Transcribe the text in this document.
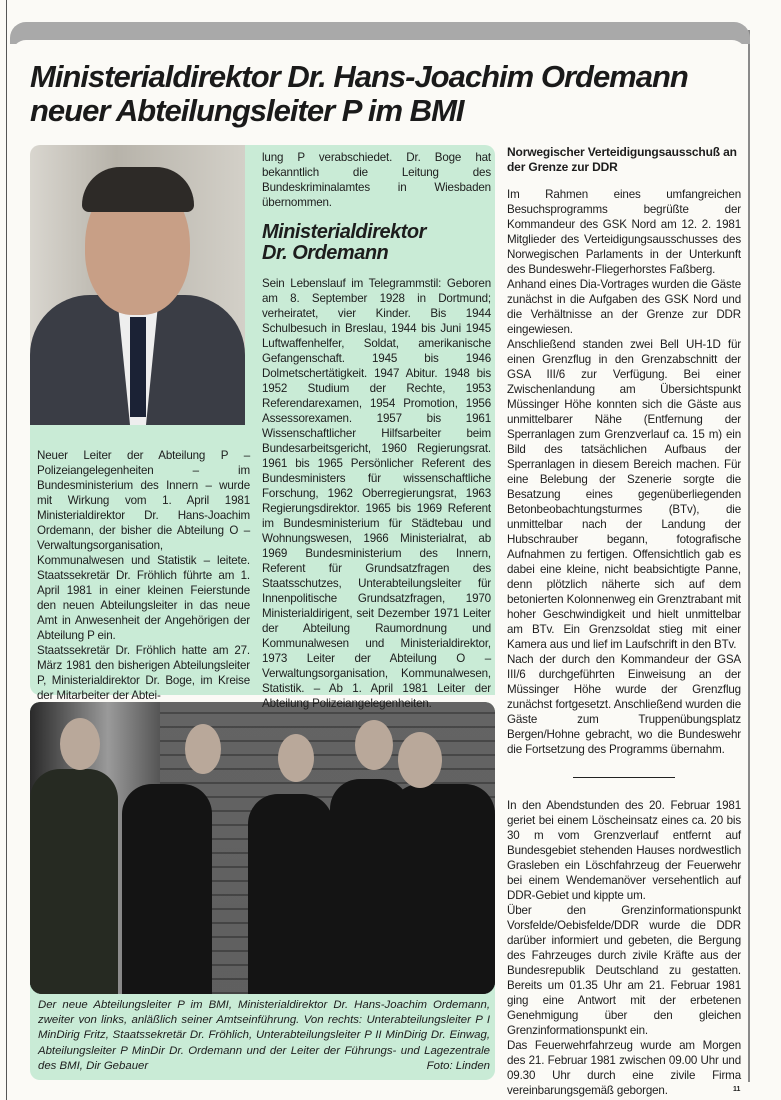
Ministerialdirektor Dr. Hans-Joachim Ordemann
neuer Abteilungsleiter P im BMI

Neuer Leiter der Abteilung P – Polizeiangelegenheiten – im Bundesministerium des Innern – wurde mit Wirkung vom 1. April 1981 Ministerialdirektor Dr. Hans-Joachim Ordemann, der bisher die Abteilung O – Verwaltungsorganisation, Kommunalwesen und Statistik – leitete. Staatssekretär Dr. Fröhlich führte am 1. April 1981 in einer kleinen Feierstunde den neuen Abteilungsleiter in das neue Amt in Anwesenheit der Angehörigen der Abteilung P ein.

Staatssekretär Dr. Fröhlich hatte am 27. März 1981 den bisherigen Abteilungsleiter P, Ministerialdirektor Dr. Boge, im Kreise der Mitarbeiter der Abtei-

lung P verabschiedet. Dr. Boge hat bekanntlich die Leitung des Bundeskriminalamtes in Wiesbaden übernommen.

Ministerialdirektor
Dr. Ordemann

Sein Lebenslauf im Telegrammstil: Geboren am 8. September 1928 in Dortmund; verheiratet, vier Kinder. Bis 1944 Schulbesuch in Breslau, 1944 bis Juni 1945 Luftwaffenhelfer, Soldat, amerikanische Gefangenschaft. 1945 bis 1946 Dolmetschertätigkeit. 1947 Abitur. 1948 bis 1952 Studium der Rechte, 1953 Referendarexamen, 1954 Promotion, 1956 Assessorexamen. 1957 bis 1961 Wissenschaftlicher Hilfsarbeiter beim Bundesarbeitsgericht, 1960 Regierungsrat. 1961 bis 1965 Persönlicher Referent des Bundesministers für wissenschaftliche Forschung, 1962 Oberregierungsrat, 1963 Regierungsdirektor. 1965 bis 1969 Referent im Bundesministerium für Städtebau und Wohnungswesen, 1966 Ministerialrat, ab 1969 Bundesministerium des Innern, Referent für Grundsatzfragen des Staatsschutzes, Unterabteilungsleiter für Innenpolitische Grundsatzfragen, 1970 Ministerialdirigent, seit Dezember 1971 Leiter der Abteilung Raumordnung und Kommunalwesen und Ministerialdirektor, 1973 Leiter der Abteilung O – Verwaltungsorganisation, Kommunalwesen, Statistik. – Ab 1. April 1981 Leiter der Abteilung Polizeiangelegenheiten.

Norwegischer Verteidigungsausschuß an der Grenze zur DDR

Im Rahmen eines umfangreichen Besuchsprogramms begrüßte der Kommandeur des GSK Nord am 12. 2. 1981 Mitglieder des Verteidigungsausschusses des Norwegischen Parlaments in der Unterkunft des Bundeswehr-Fliegerhorstes Faßberg.

Anhand eines Dia-Vortrages wurden die Gäste zunächst in die Aufgaben des GSK Nord und die Verhältnisse an der Grenze zur DDR eingewiesen.

Anschließend standen zwei Bell UH-1D für einen Grenzflug in den Grenzabschnitt der GSA III/6 zur Verfügung. Bei einer Zwischenlandung am Übersichtspunkt Müssinger Höhe konnten sich die Gäste aus unmittelbarer Nähe (Entfernung der Sperranlagen zum Grenzverlauf ca. 15 m) ein Bild des tatsächlichen Aufbaus der Sperranlagen in diesem Bereich machen. Für eine Belebung der Szenerie sorgte die Besatzung eines gegenüberliegenden Betonbeobachtungsturmes (BTv), die unmittelbar nach der Landung der Hubschrauber begann, fotografische Aufnahmen zu fertigen. Offensichtlich gab es dabei eine kleine, nicht beabsichtigte Panne, denn plötzlich näherte sich auf dem betonierten Kolonnenweg ein Grenztrabant mit hoher Geschwindigkeit und hielt unmittelbar am BTv. Ein Grenzsoldat stieg mit einer Kamera aus und lief im Laufschrift in den BTv.

Nach der durch den Kommandeur der GSA III/6 durchgeführten Einweisung an der Müssinger Höhe wurde der Grenzflug zunächst fortgesetzt. Anschließend wurden die Gäste zum Truppenübungsplatz Bergen/Hohne gebracht, wo die Bundeswehr die Fortsetzung des Programms übernahm.

In den Abendstunden des 20. Februar 1981 geriet bei einem Löscheinsatz eines ca. 20 bis 30 m vom Grenzverlauf entfernt auf Bundesgebiet stehenden Hauses nordwestlich Grasleben ein Löschfahrzeug der Feuerwehr bei einem Wendemanöver versehentlich auf DDR-Gebiet und kippte um.

Über den Grenzinformationspunkt Vorsfelde/Oebisfelde/DDR wurde die DDR darüber informiert und gebeten, die Bergung des Fahrzeuges durch zivile Kräfte aus der Bundesrepublik Deutschland zu gestatten. Bereits um 01.35 Uhr am 21. Februar 1981 ging eine Antwort mit der erbetenen Genehmigung über den gleichen Grenzinformationspunkt ein.

Das Feuerwehrfahrzeug wurde am Morgen des 21. Februar 1981 zwischen 09.00 Uhr und 09.30 Uhr durch eine zivile Firma vereinbarungsgemäß geborgen.

Der neue Abteilungsleiter P im BMI, Ministerialdirektor Dr. Hans-Joachim Ordemann, zweiter von links, anläßlich seiner Amtseinführung. Von rechts: Unterabteilungsleiter P I MinDirig Fritz, Staatssekretär Dr. Fröhlich, Unterabteilungsleiter P II MinDirig Dr. Einwag, Abteilungsleiter P MinDir Dr. Ordemann und der Leiter der Führungs- und Lagezentrale des BMI, Dir Gebauer	Foto: Linden
11
